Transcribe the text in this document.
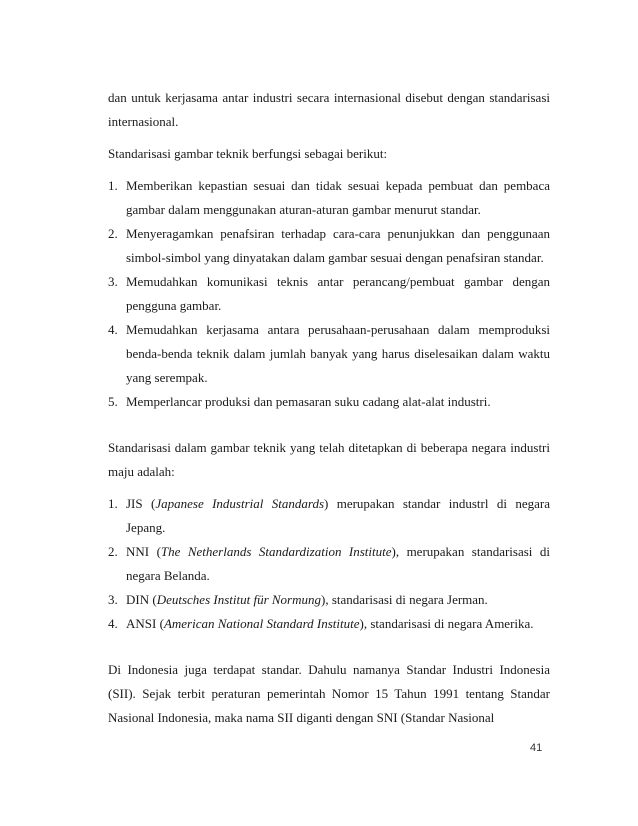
dan untuk kerjasama antar industri secara internasional disebut dengan standarisasi internasional.

Standarisasi gambar teknik berfungsi sebagai berikut:

1. Memberikan kepastian sesuai dan tidak sesuai kepada pembuat dan pembaca gambar dalam menggunakan aturan-aturan gambar menurut standar.
2. Menyeragamkan penafsiran terhadap cara-cara penunjukkan dan penggunaan simbol-simbol yang dinyatakan dalam gambar sesuai dengan penafsiran standar.
3. Memudahkan komunikasi teknis antar perancang/pembuat gambar dengan pengguna gambar.
4. Memudahkan kerjasama antara perusahaan-perusahaan dalam memproduksi benda-benda teknik dalam jumlah banyak yang harus diselesaikan dalam waktu yang serempak.
5. Memperlancar produksi dan pemasaran suku cadang alat-alat industri.

Standarisasi dalam gambar teknik yang telah ditetapkan di beberapa negara industri maju adalah:

1. JIS (Japanese Industrial Standards) merupakan standar industrl di negara Jepang.
2. NNI (The Netherlands Standardization Institute), merupakan standarisasi di negara Belanda.
3. DIN (Deutsches Institut für Normung), standarisasi di negara Jerman.
4. ANSI (American National Standard Institute), standarisasi di negara Amerika.

Di Indonesia juga terdapat standar. Dahulu namanya Standar Industri Indonesia (SII). Sejak terbit peraturan pemerintah Nomor 15 Tahun 1991 tentang Standar Nasional Indonesia, maka nama SII diganti dengan SNI (Standar Nasional

41
